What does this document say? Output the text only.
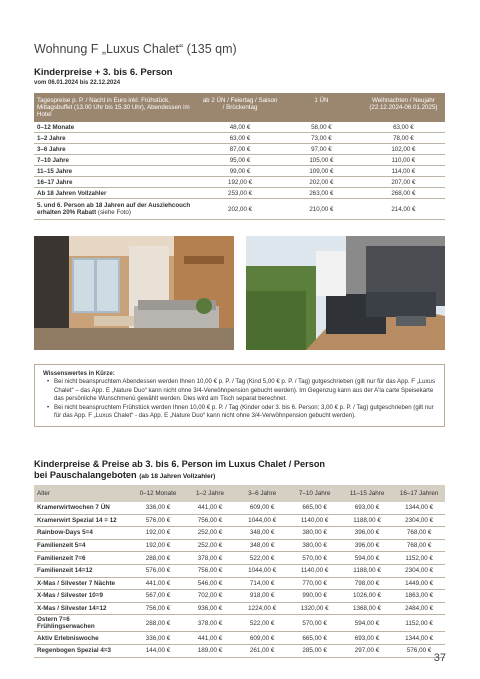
Wohnung F „Luxus Chalet“ (135 qm)
Kinderpreise + 3. bis 6. Person
vom 06.01.2024 bis 22.12.2024
Tagespreise p. P. / Nacht in Euro inkl. Frühstück, Mittagsbuffet (13.00 Uhr bis 15.30 Uhr), Abendessen im Hotel	ab 2 ÜN / Feiertag / Saison / Brückentag	1 ÜN	Weihnachten / Neujahr (22.12.2024-06.01.2025)
0–12 Monate	48,00 €	58,00 €	63,00 €
1–2 Jahre	63,00 €	73,00 €	78,00 €
3–6 Jahre	87,00 €	97,00 €	102,00 €
7–10 Jahre	95,00 €	105,00 €	110,00 €
11–15 Jahre	99,00 €	109,00 €	114,00 €
16–17 Jahre	192,00 €	202,00 €	207,00 €
Ab 18 Jahren Vollzahler	253,00 €	263,00 €	268,00 €
5. und 6. Person ab 18 Jahren auf der Ausziehcouch erhalten 20% Rabatt (siehe Foto)	202,00 €	210,00 €	214,00 €
Wissenswertes in Kürze:
• Bei nicht beanspruchtem Abendessen werden Ihnen 10,00 € p. P. / Tag (Kind 5,00 € p. P. / Tag) gutgeschrieben (gilt nur für das App. F „Luxus Chalet“ – das App. E „Nature Duo“ kann nicht ohne 3/4-Verwöhnpension gebucht werden). Im Gegenzug kann aus der A'la carte Speisekarte das persönliche Wunschmenü gewählt werden. Dies wird am Tisch separat berechnet.
• Bei nicht beanspruchtem Frühstück werden Ihnen 10,00 € p. P. / Tag (Kinder oder 3. bis 6. Person: 3,00 € p. P. / Tag) gutgeschrieben (gilt nur für das App. F „Luxus Chalet“ - das App. E „Nature Duo“ kann nicht ohne 3/4-Verwöhnpension gebucht werden).
Kinderpreise & Preise ab 3. bis 6. Person im Luxus Chalet / Person
bei Pauschalangeboten (ab 18 Jahren Vollzahler)
Alter	0–12 Monate	1–2 Jahre	3–6 Jahre	7–10 Jahre	11–15 Jahre	16–17 Jahren
Kramerwirtwochen 7 ÜN	336,00 €	441,00 €	609,00 €	665,00 €	693,00 €	1344,00 €
Kramerwirt Spezial 14 = 12	576,00 €	756,00 €	1044,00 €	1140,00 €	1188,00 €	2304,00 €
Rainbow-Days 5=4	192,00 €	252,00 €	348,00 €	380,00 €	396,00 €	768,00 €
Familienzeit 5=4	192,00 €	252,00 €	348,00 €	380,00 €	396,00 €	768,00 €
Familienzeit 7=6	288,00 €	378,00 €	522,00 €	570,00 €	594,00 €	1152,00 €
Familienzeit 14=12	576,00 €	756,00 €	1044,00 €	1140,00 €	1188,00 €	2304,00 €
X-Mas / Silvester 7 Nächte	441,00 €	546,00 €	714,00 €	770,00 €	798,00 €	1449,00 €
X-Mas / Silvester 10=9	567,00 €	702,00 €	918,00 €	990,00 €	1026,00 €	1863,00 €
X-Mas / Silvester 14=12	756,00 €	936,00 €	1224,00 €	1320,00 €	1368,00 €	2484,00 €
Ostern 7=6 Frühlingserwachen	288,00 €	378,00 €	522,00 €	570,00 €	594,00 €	1152,00 €
Aktiv Erlebniswoche	336,00 €	441,00 €	609,00 €	665,00 €	693,00 €	1344,00 €
Regenbogen Spezial 4=3	144,00 €	189,00 €	261,00 €	285,00 €	297,00 €	576,00 €
37
